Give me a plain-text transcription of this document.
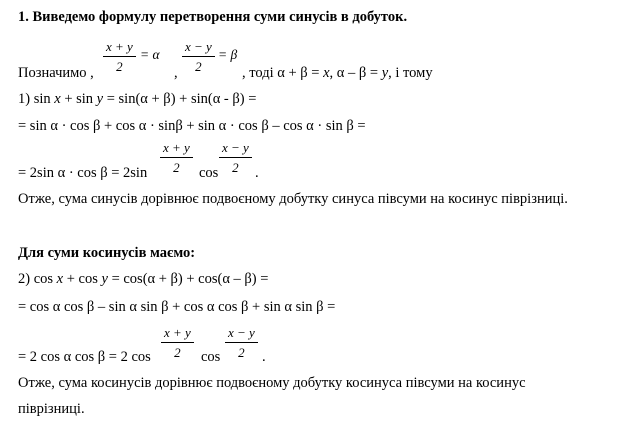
1. Виведемо формулу перетворення суми синусів в добуток.
Позначимо ,
x + y
2
= α
,
x − y
2
= β
, тоді α + β = x, α – β = y, і тому
1) sin x + sin y = sin(α + β) + sin(α - β) =
= sin α · cos β + cos α · sinβ + sin α · cos β – cos α · sin β =
= 2sin α · cos β = 2sin
x + y
2 cos
x − y
2 .
Отже, сума синусів дорівнює подвоєному добутку синуса півсуми на косинус піврізниці.
Для суми косинусів маємо:
2) cos x + cos y = cos(α + β) + cos(α – β) =
= cos α cos β – sin α sin β + cos α cos β + sin α sin β =
= 2 cos α cos β = 2 cos
x + y
2 cos
x − y
2 .
Отже, сума косинусів дорівнює подвоєному добутку косинуса півсуми на косинус
піврізниці.
